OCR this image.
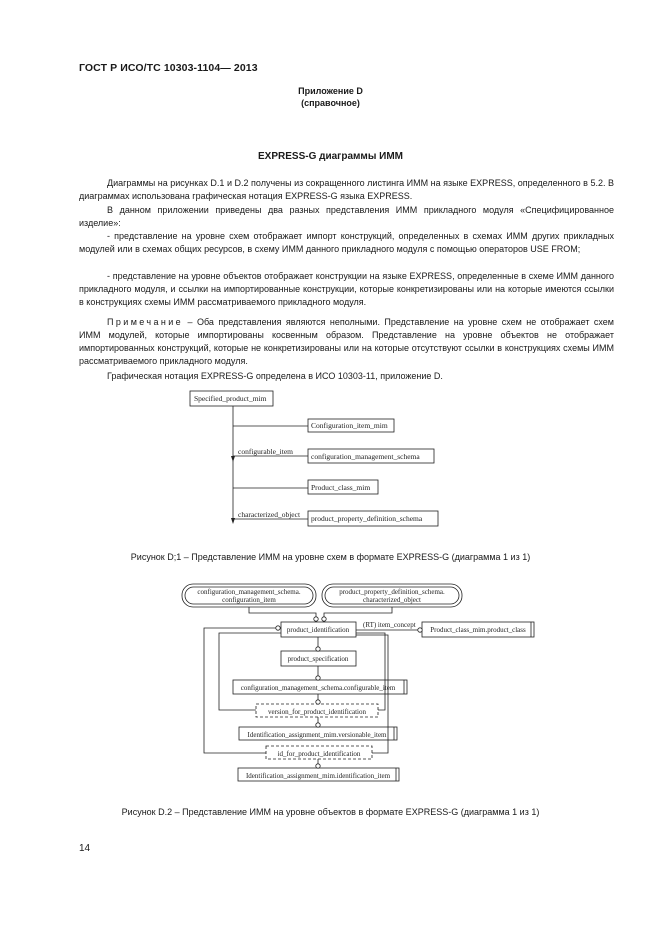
ГОСТ Р ИСО/ТС 10303-1104— 2013
Приложение D
(справочное)
EXPRESS-G диаграммы ИММ

Диаграммы на рисунках D.1 и D.2 получены из сокращенного листинга ИММ на языке EXPRESS, определенного в 5.2. В диаграммах использована графическая нотация EXPRESS-G языка EXPRESS.

В данном приложении приведены два разных представления ИММ прикладного модуля «Специфицированное изделие»:

- представление на уровне схем отображает импорт конструкций, определенных в схемах ИММ других прикладных модулей или в схемах общих ресурсов, в схему ИММ данного прикладного модуля с помощью операторов USE FROM;

- представление на уровне объектов отображает конструкции на языке EXPRESS, определенные в схеме ИММ данного прикладного модуля, и ссылки на импортированные конструкции, которые конкретизированы или на которые имеются ссылки в конструкциях схемы ИММ рассматриваемого прикладного модуля.

Примечание – Оба представления являются неполными. Представление на уровне схем не отображает схем ИММ модулей, которые импортированы косвенным образом. Представление на уровне объектов не отображает импортированных конструкций, которые не конкретизированы или на которые отсутствуют ссылки в конструкциях схемы ИММ рассматриваемого прикладного модуля.

Графическая нотация EXPRESS-G определена в ИСО 10303-11, приложение D.

Specified_product_mim
Configuration_item_mim
configuration_management_schema
Product_class_mim
product_property_definition_schema
configurable_item
characterized_object
Рисунок D;1 – Представление ИММ на уровне схем в формате EXPRESS-G (диаграмма 1 из 1)
configuration_management_schema.
configuration_item
product_property_definition_schema.
characterized_object
product_identification
(RT) item_concept
Product_class_mim.product_class
product_specification
configuration_management_schema.configurable_item
version_for_product_identification
Identification_assignment_mim.versionable_item
id_for_product_identification
Identification_assignment_mim.identification_item
Рисунок D.2 – Представление ИММ на уровне объектов в формате EXPRESS-G (диаграмма 1 из 1)
14
